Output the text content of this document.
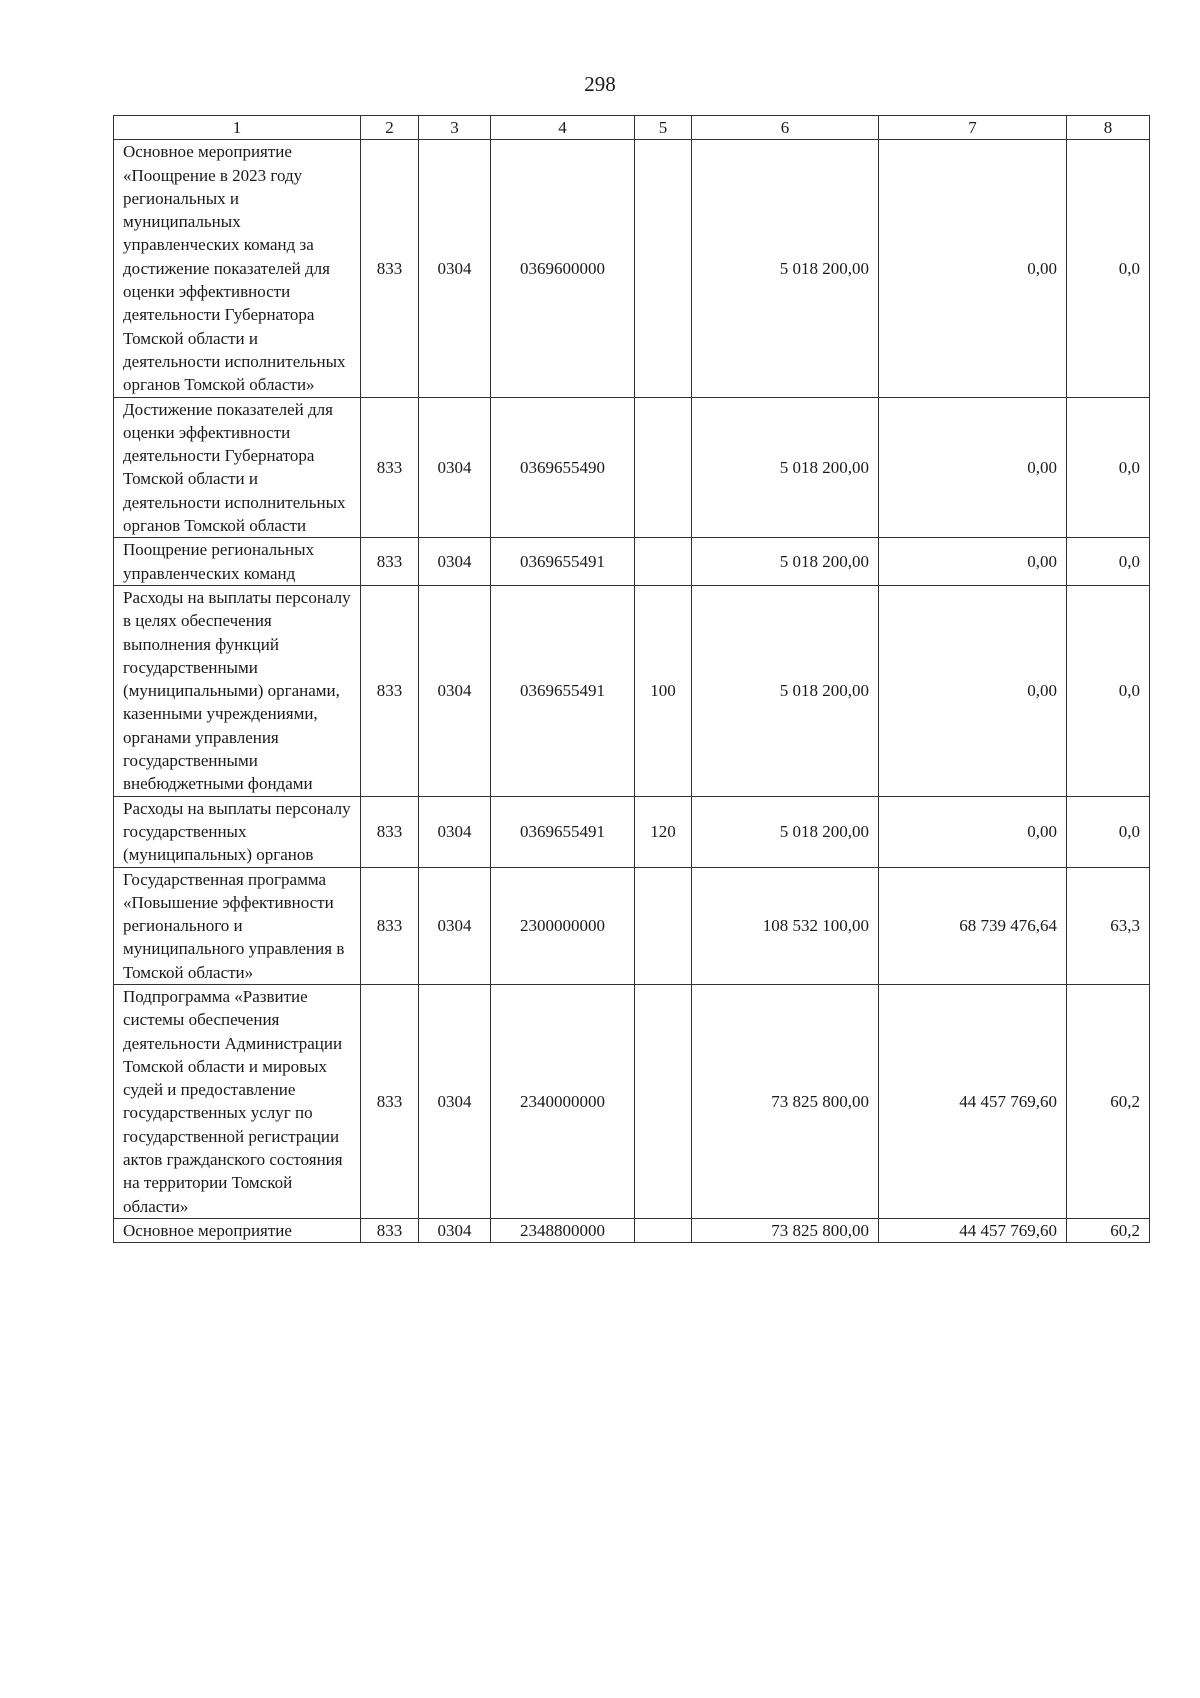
298
1	2	3	4	5	6	7	8
Основное мероприятие «Поощрение в 2023 году региональных и муниципальных управленческих команд за достижение показателей для оценки эффективности деятельности Губернатора Томской области и деятельности исполнительных органов Томской области»	833	0304	0369600000		5 018 200,00	0,00	0,0
Достижение показателей для оценки эффективности деятельности Губернатора Томской области и деятельности исполнительных органов Томской области	833	0304	0369655490		5 018 200,00	0,00	0,0
Поощрение региональных управленческих команд	833	0304	0369655491		5 018 200,00	0,00	0,0
Расходы на выплаты персоналу в целях обеспечения выполнения функций государственными (муниципальными) органами, казенными учреждениями, органами управления государственными внебюджетными фондами	833	0304	0369655491	100	5 018 200,00	0,00	0,0
Расходы на выплаты персоналу государственных (муниципальных) органов	833	0304	0369655491	120	5 018 200,00	0,00	0,0
Государственная программа «Повышение эффективности регионального и муниципального управления в Томской области»	833	0304	2300000000		108 532 100,00	68 739 476,64	63,3
Подпрограмма «Развитие системы обеспечения деятельности Администрации Томской области и мировых судей и предоставление государственных услуг по государственной регистрации актов гражданского состояния на территории Томской области»	833	0304	2340000000		73 825 800,00	44 457 769,60	60,2
Основное мероприятие	833	0304	2348800000		73 825 800,00	44 457 769,60	60,2
